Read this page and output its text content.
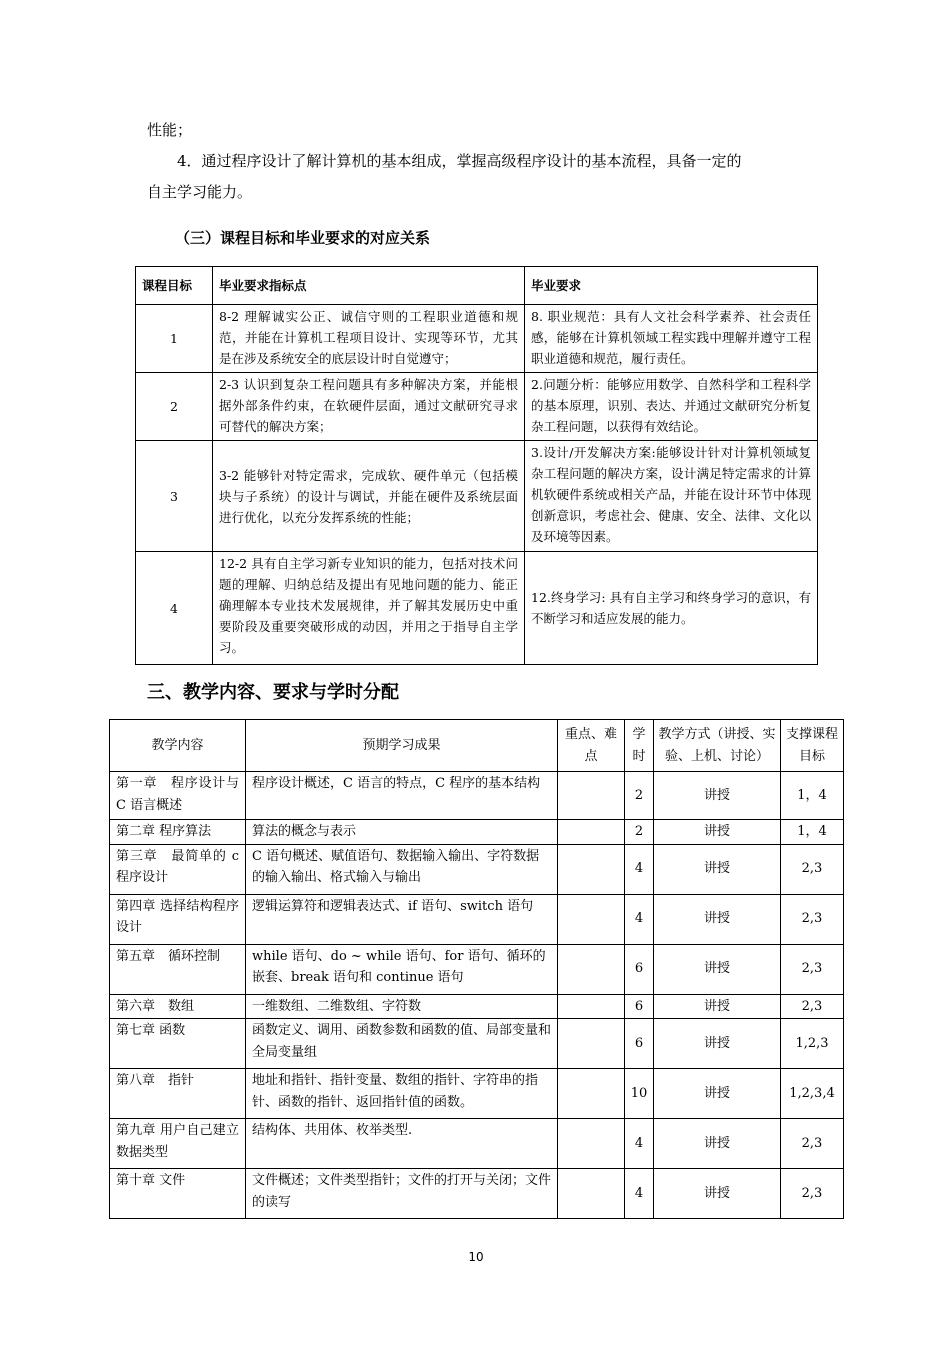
性能；
4．通过程序设计了解计算机的基本组成，掌握高级程序设计的基本流程，具备一定的
自主学习能力。
（三）课程目标和毕业要求的对应关系
课程目标	毕业要求指标点	毕业要求
1	8-2 理解诚实公正、诚信守则的工程职业道德和规范，并能在计算机工程项目设计、实现等环节，尤其是在涉及系统安全的底层设计时自觉遵守；	8. 职业规范：具有人文社会科学素养、社会责任感，能够在计算机领域工程实践中理解并遵守工程职业道德和规范，履行责任。
2	2-3 认识到复杂工程问题具有多种解决方案，并能根据外部条件约束，在软硬件层面，通过文献研究寻求可替代的解决方案；	2.问题分析：能够应用数学、自然科学和工程科学的基本原理，识别、表达、并通过文献研究分析复杂工程问题，以获得有效结论。
3	3-2 能够针对特定需求，完成软、硬件单元（包括模块与子系统）的设计与调试，并能在硬件及系统层面进行优化，以充分发挥系统的性能；	3.设计/开发解决方案:能够设计针对计算机领域复杂工程问题的解决方案，设计满足特定需求的计算机软硬件系统或相关产品，并能在设计环节中体现创新意识，考虑社会、健康、安全、法律、文化以及环境等因素。
4	12-2 具有自主学习新专业知识的能力，包括对技术问题的理解、归纳总结及提出有见地问题的能力、能正确理解本专业技术发展规律，并了解其发展历史中重要阶段及重要突破形成的动因，并用之于指导自主学习。	12.终身学习: 具有自主学习和终身学习的意识，有不断学习和适应发展的能力。
三、教学内容、要求与学时分配
教学内容	预期学习成果	重点、难点	学时	教学方式（讲授、实验、上机、讨论）	支撑课程目标
第一章　程序设计与 C 语言概述	程序设计概述，C 语言的特点，C 程序的基本结构		2	讲授	1，4
第二章 程序算法	算法的概念与表示		2	讲授	1，4
第三章　最简单的 c 程序设计	C 语句概述、赋值语句、数据输入输出、字符数据的输入输出、格式输入与输出		4	讲授	2,3
第四章 选择结构程序设计	逻辑运算符和逻辑表达式、if 语句、switch 语句		4	讲授	2,3
第五章　循环控制	while 语句、do ~ while 语句、for 语句、循环的嵌套、break 语句和 continue 语句		6	讲授	2,3
第六章　数组	一维数组、二维数组、字符数		6	讲授	2,3
第七章 函数	函数定义、调用、函数参数和函数的值、局部变量和全局变量组		6	讲授	1,2,3
第八章　指针	地址和指针、指针变量、数组的指针、字符串的指针、函数的指针、返回指针值的函数。		10	讲授	1,2,3,4
第九章 用户自己建立数据类型	结构体、共用体、枚举类型.		4	讲授	2,3
第十章 文件	文件概述；文件类型指针；文件的打开与关闭；文件的读写		4	讲授	2,3
10
